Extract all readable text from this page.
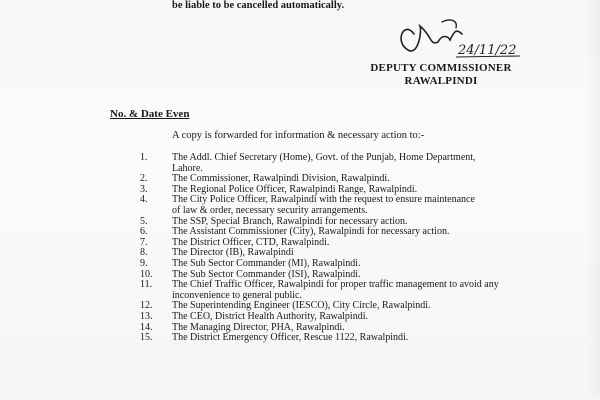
be liable to be cancelled automatically.
24/11/22
DEPUTY COMMISSIONER
RAWALPINDI
No. & Date Even
A copy is forwarded for information & necessary action to:-
1.	The Addl. Chief Secretary (Home), Govt. of the Punjab, Home Department,
Lahore.
2.	The Commissioner, Rawalpindi Division, Rawalpindi.
3.	The Regional Police Officer, Rawalpindi Range, Rawalpindi.
4.	The City Police Officer, Rawalpindi with the request to ensure maintenance
of law & order, necessary security arrangements.
5.	The SSP, Special Branch, Rawalpindi for necessary action.
6.	The Assistant Commissioner (City), Rawalpindi for necessary action.
7.	The District Officer, CTD, Rawalpindi.
8.	The Director (IB), Rawalpindi
9.	The Sub Sector Commander (MI), Rawalpindi.
10.	The Sub Sector Commander (ISI), Rawalpindi.
11.	The Chief Traffic Officer, Rawalpindi for proper traffic management to avoid any
inconvenience to general public.
12.	The Superintending Engineer (IESCO), City Circle, Rawalpindi.
13.	The CEO, District Health Authority, Rawalpindi.
14.	The Managing Director, PHA, Rawalpindi.
15.	The District Emergency Officer, Rescue 1122, Rawalpindi.
